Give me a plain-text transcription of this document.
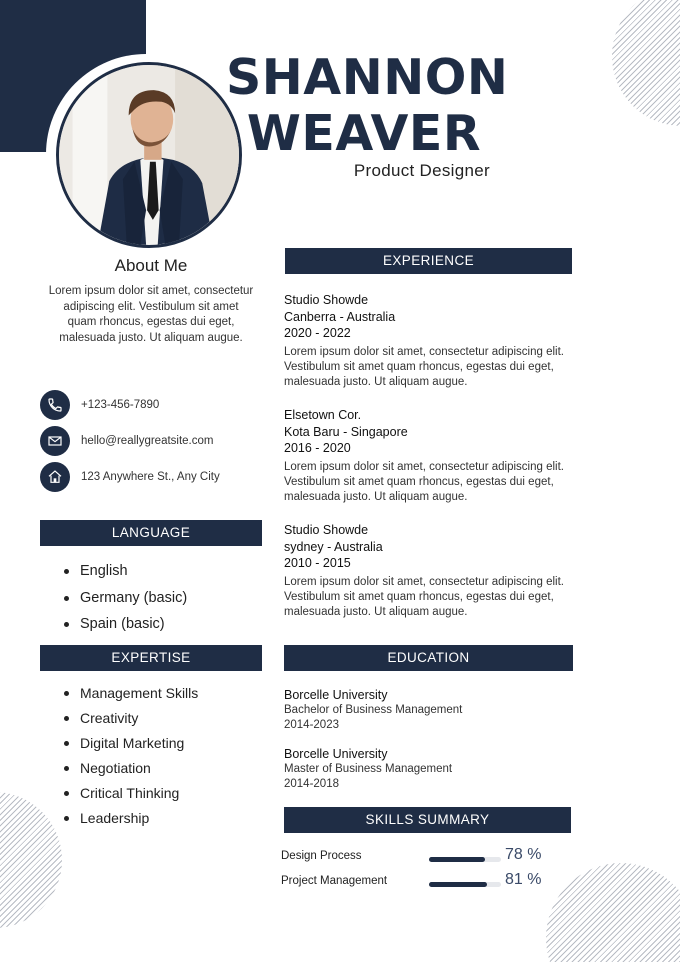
SHANNON
WEAVER
Product Designer
About Me
Lorem ipsum dolor sit amet, consectetur adipiscing elit. Vestibulum sit amet quam rhoncus, egestas dui eget, malesuada justo. Ut aliquam augue.
+123-456-7890
hello@reallygreatsite.com
123 Anywhere St., Any City
LANGUAGE
English
Germany (basic)
Spain (basic)
EXPERTISE
Management Skills
Creativity
Digital Marketing
Negotiation
Critical Thinking
Leadership
EXPERIENCE
Studio Showde
Canberra - Australia
2020 - 2022
Lorem ipsum dolor sit amet, consectetur adipiscing elit. Vestibulum sit amet quam rhoncus, egestas dui eget, malesuada justo. Ut aliquam augue.
Elsetown Cor.
Kota Baru - Singapore
2016 - 2020
Lorem ipsum dolor sit amet, consectetur adipiscing elit. Vestibulum sit amet quam rhoncus, egestas dui eget, malesuada justo. Ut aliquam augue.
Studio Showde
sydney - Australia
2010 - 2015
Lorem ipsum dolor sit amet, consectetur adipiscing elit. Vestibulum sit amet quam rhoncus, egestas dui eget, malesuada justo. Ut aliquam augue.
EDUCATION
Borcelle University
Bachelor of Business Management
2014-2023
Borcelle University
Master of Business Management
2014-2018
SKILLS SUMMARY
Design Process	78 %
Project Management	81 %
